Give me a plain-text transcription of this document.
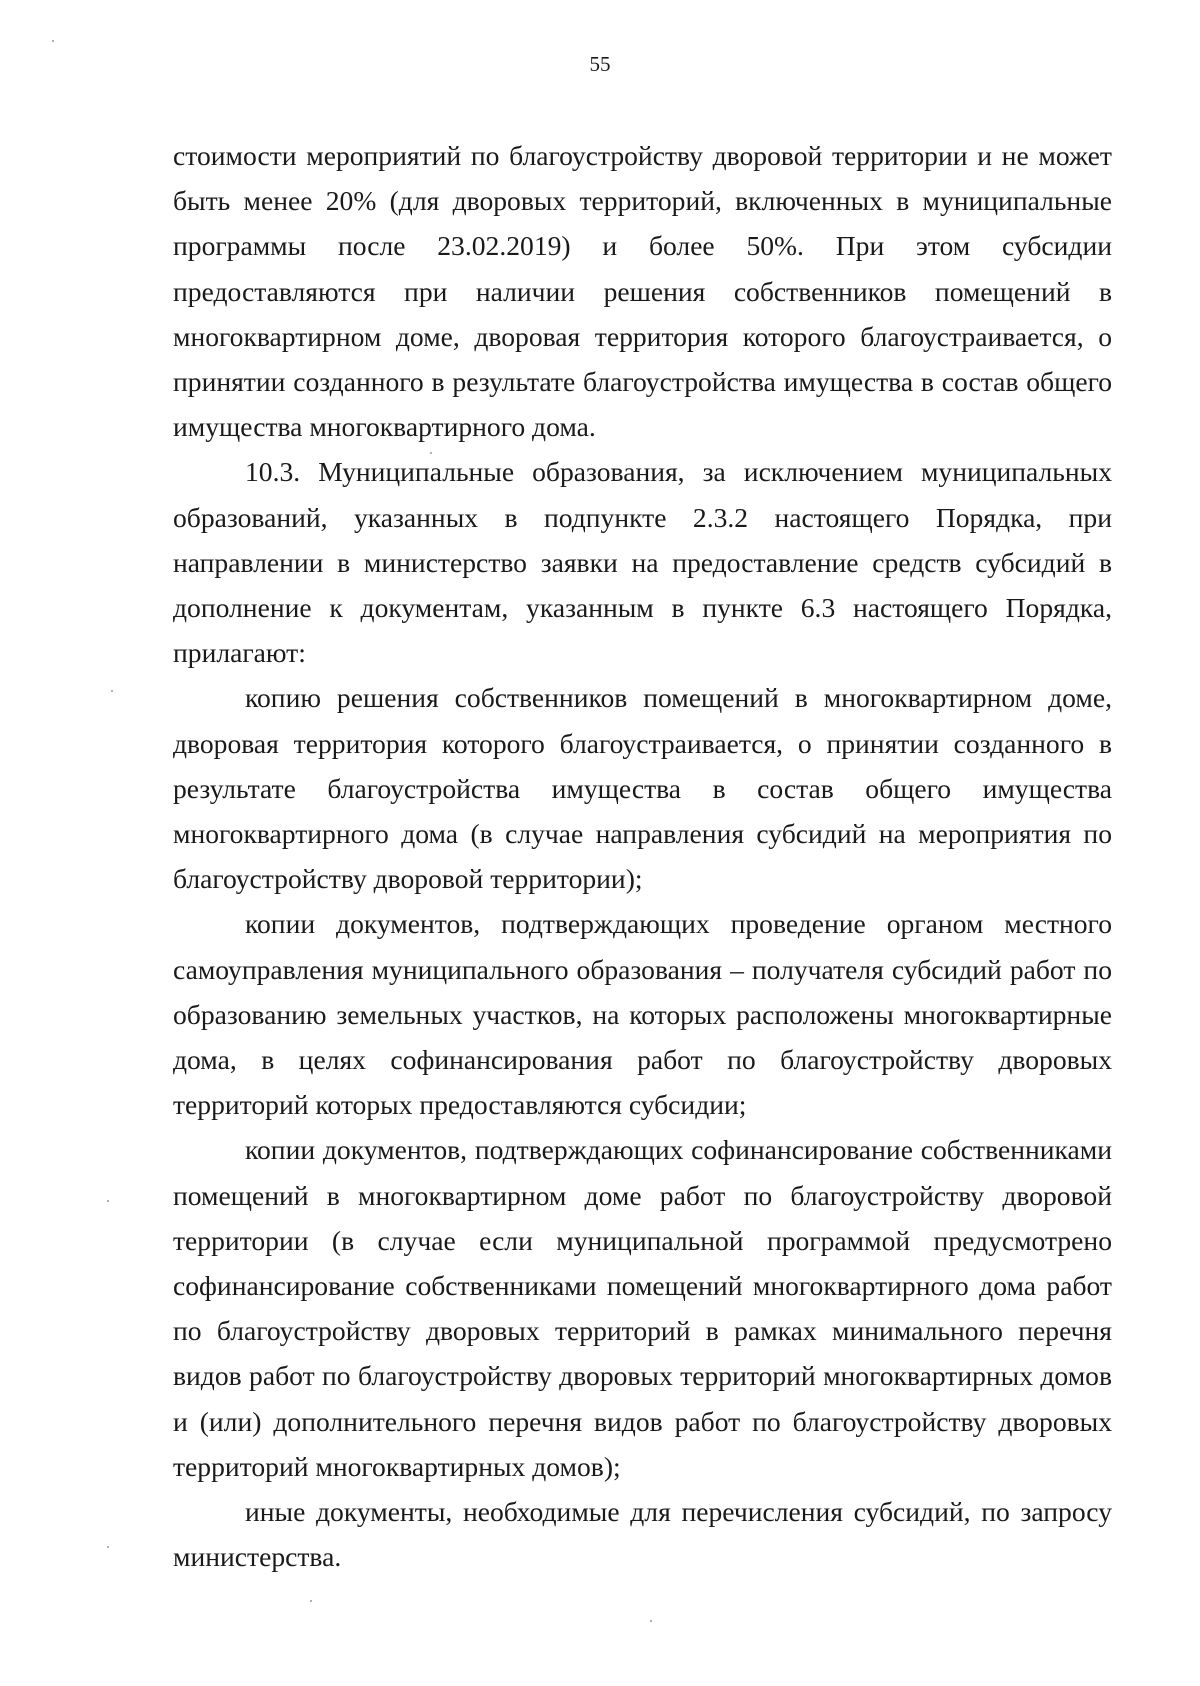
55

стоимости мероприятий по благоустройству дворовой территории и не может быть менее 20% (для дворовых территорий, включенных в муниципальные программы после 23.02.2019) и более 50%. При этом субсидии предоставляются при наличии решения собственников помещений в многоквартирном доме, дворовая территория которого благоустраивается, о принятии созданного в результате благоустройства имущества в состав общего имущества многоквартирного дома.

10.3. Муниципальные образования, за исключением муниципальных образований, указанных в подпункте 2.3.2 настоящего Порядка, при направлении в министерство заявки на предоставление средств субсидий в дополнение к документам, указанным в пункте 6.3 настоящего Порядка, прилагают:

копию решения собственников помещений в многоквартирном доме, дворовая территория которого благоустраивается, о принятии созданного в результате благоустройства имущества в состав общего имущества многоквартирного дома (в случае направления субсидий на мероприятия по благоустройству дворовой территории);

копии документов, подтверждающих проведение органом местного самоуправления муниципального образования – получателя субсидий работ по образованию земельных участков, на которых расположены многоквартирные дома, в целях софинансирования работ по благоустройству дворовых территорий которых предоставляются субсидии;

копии документов, подтверждающих софинансирование собственниками помещений в многоквартирном доме работ по благоустройству дворовой территории (в случае если муниципальной программой предусмотрено софинансирование собственниками помещений многоквартирного дома работ по благоустройству дворовых территорий в рамках минимального перечня видов работ по благоустройству дворовых территорий многоквартирных домов и (или) дополнительного перечня видов работ по благоустройству дворовых территорий многоквартирных домов);

иные документы, необходимые для перечисления субсидий, по запросу министерства.
